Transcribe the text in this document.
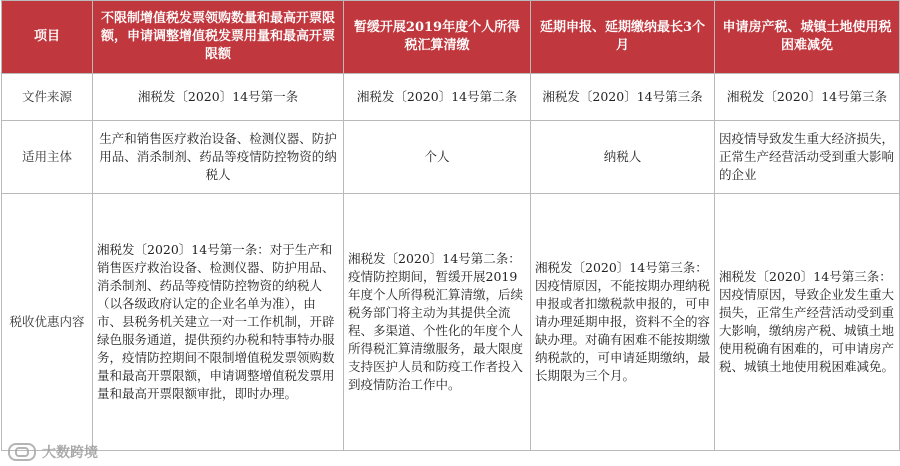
项目	不限制增值税发票领购数量和最高开票限额，申请调整增值税发票用量和最高开票限额	暂缓开展2019年度个人所得税汇算清缴	延期申报、延期缴纳最长3个月	申请房产税、城镇土地使用税困难减免
文件来源	湘税发〔2020〕14号第一条	湘税发〔2020〕14号第二条	湘税发〔2020〕14号第三条	湘税发〔2020〕14号第三条
适用主体	生产和销售医疗救治设备、检测仪器、防护用品、消杀制剂、药品等疫情防控物资的纳税人	个人	纳税人	因疫情导致发生重大经济损失，正常生产经营活动受到重大影响的企业
税收优惠内容	湘税发〔2020〕14号第一条：对于生产和销售医疗救治设备、检测仪器、防护用品、消杀制剂、药品等疫情防控物资的纳税人（以各级政府认定的企业名单为准），由市、县税务机关建立一对一工作机制，开辟绿色服务通道，提供预约办税和特事特办服务，疫情防控期间不限制增值税发票领购数量和最高开票限额，申请调整增值税发票用量和最高开票限额审批，即时办理。	湘税发〔2020〕14号第二条：疫情防控期间，暂缓开展2019年度个人所得税汇算清缴，后续税务部门将主动为其提供全流程、多渠道、个性化的年度个人所得税汇算清缴服务，最大限度支持医护人员和防疫工作者投入到疫情防治工作中。	湘税发〔2020〕14号第三条：因疫情原因，不能按期办理纳税申报或者扣缴税款申报的，可申请办理延期申报，资料不全的容缺办理。对确有困难不能按期缴纳税款的，可申请延期缴纳，最长期限为三个月。	湘税发〔2020〕14号第三条：因疫情原因，导致企业发生重大损失，正常生产经营活动受到重大影响，缴纳房产税、城镇土地使用税确有困难的，可申请房产税、城镇土地使用税困难减免。
大数跨境
